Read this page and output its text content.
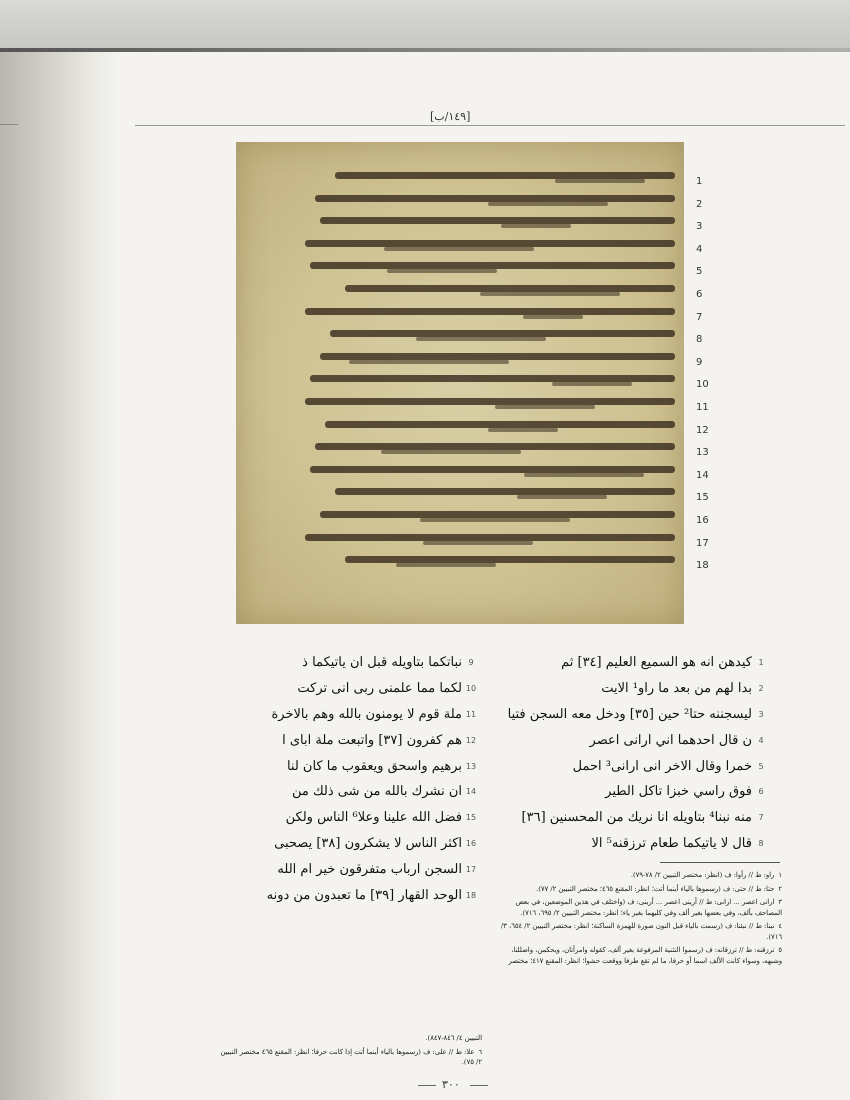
[١٤٩/ب]
1
2
3
4
5
6
7
8
9
10
11
12
13
14
15
16
17
18
1
كيدهن انه هو السميع العليم [٣٤] ثم
2
بدا لهم من بعد ما راو¹ الايت
3
ليسجننه حتا² حين [٣٥] ودخل معه السجن فتيا
4
ن قال احدهما اني ارانى اعصر
5
خمرا وقال الاخر انى ارانى³ احمل
6
فوق راسي خبزا تاكل الطير
7
منه نبنا⁴ بتاويله انا نريك من المحسنين [٣٦]
8
قال لا ياتيكما طعام ترزقنه⁵ الا
9
نباتكما بتاويله قبل ان ياتيكما ذ
10
لكما مما علمنى ربى انى تركت
11
ملة قوم لا يومنون بالله وهم بالاخرة
12
هم كفرون [٣٧] واتبعت ملة اباى ا
13
برهيم واسحق ويعقوب ما كان لنا
14
ان نشرك بالله من شى ذلك من
15
فضل الله علينا وعلا⁶ الناس ولكن
16
اكثر الناس لا يشكرون [٣٨] يصحبى
17
السجن ارباب متفرقون خير ام الله
18
الوحد القهار [٣٩] ما تعبدون من دونه
١راو: ط // رأوا: ف (انظر: مختصر التبيين ٢/ ٧٨-٧٩).
٢حتا: ط // حتى: ف (رسموها بالياء أينما أتت؛ انظر: المقنع ٤٦٥؛ مختصر التبيين ٢/ ٧٧).
٣ارانى اعصر ... ارانى: ط // أرينى اعصر ... أرينى: ف (واختلف في هذين الموضعين، في بعض المصاحف بألف، وفي بعضها بغير ألف وفي كليهما بغير ياء؛ انظر: مختصر التبيين ٢/ ٦٩٥، ٧١٦).
٤نبنا: ط // نبئنا: ف (رسمت بالياء قبل النون صورة للهمزة الساكنة؛ انظر: مختصر التبيين ٢/ ٦٥٤، ٣/ ٧١٦).
٥ترزقنه: ط // ترزقانه: ف (رسموا التثنية المرفوعة بغير ألف، كقوله وامرأتان، ويحكمن، واضللنا، وشبهه، وسواء كانت الألف اسما أو حرفا، ما لم تقع طرفا ووقعت حشوا؛ انظر: المقنع ٤١٧؛ مختصر
التبيين ٤/ ٨٤٦-٨٤٧).
٦علا: ط // على: ف (رسموها بالياء أينما أتت إذا كانت حرفا؛ انظر: المقنع ٤٦٥ مختصر التبيين ٢/ ٧٥).
٣٠٠
